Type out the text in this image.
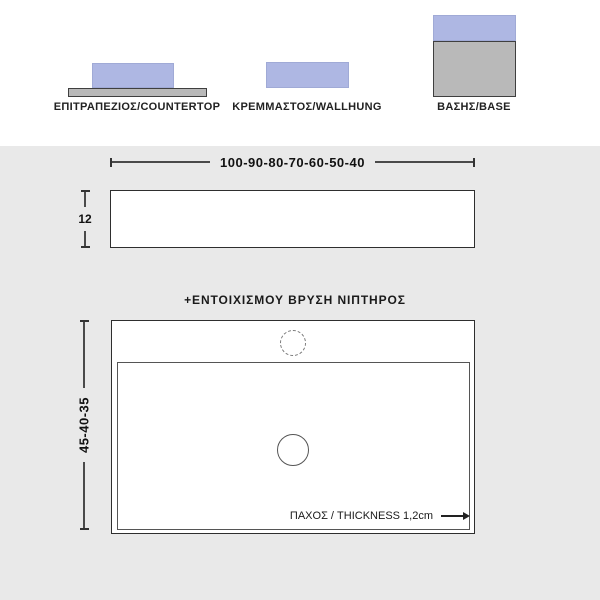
ΕΠΙΤΡΑΠΕΖΙΟΣ/COUNTERTOP	ΚΡΕΜΜΑΣΤΟΣ/WALLHUNG	ΒΑΣΗΣ/BASE
100-90-80-70-60-50-40
12
+ΕΝΤΟΙΧΙΣΜΟΥ ΒΡΥΣΗ ΝΙΠΤΗΡΟΣ
45-40-35
ΠΑΧΟΣ / THICKNESS 1,2cm
